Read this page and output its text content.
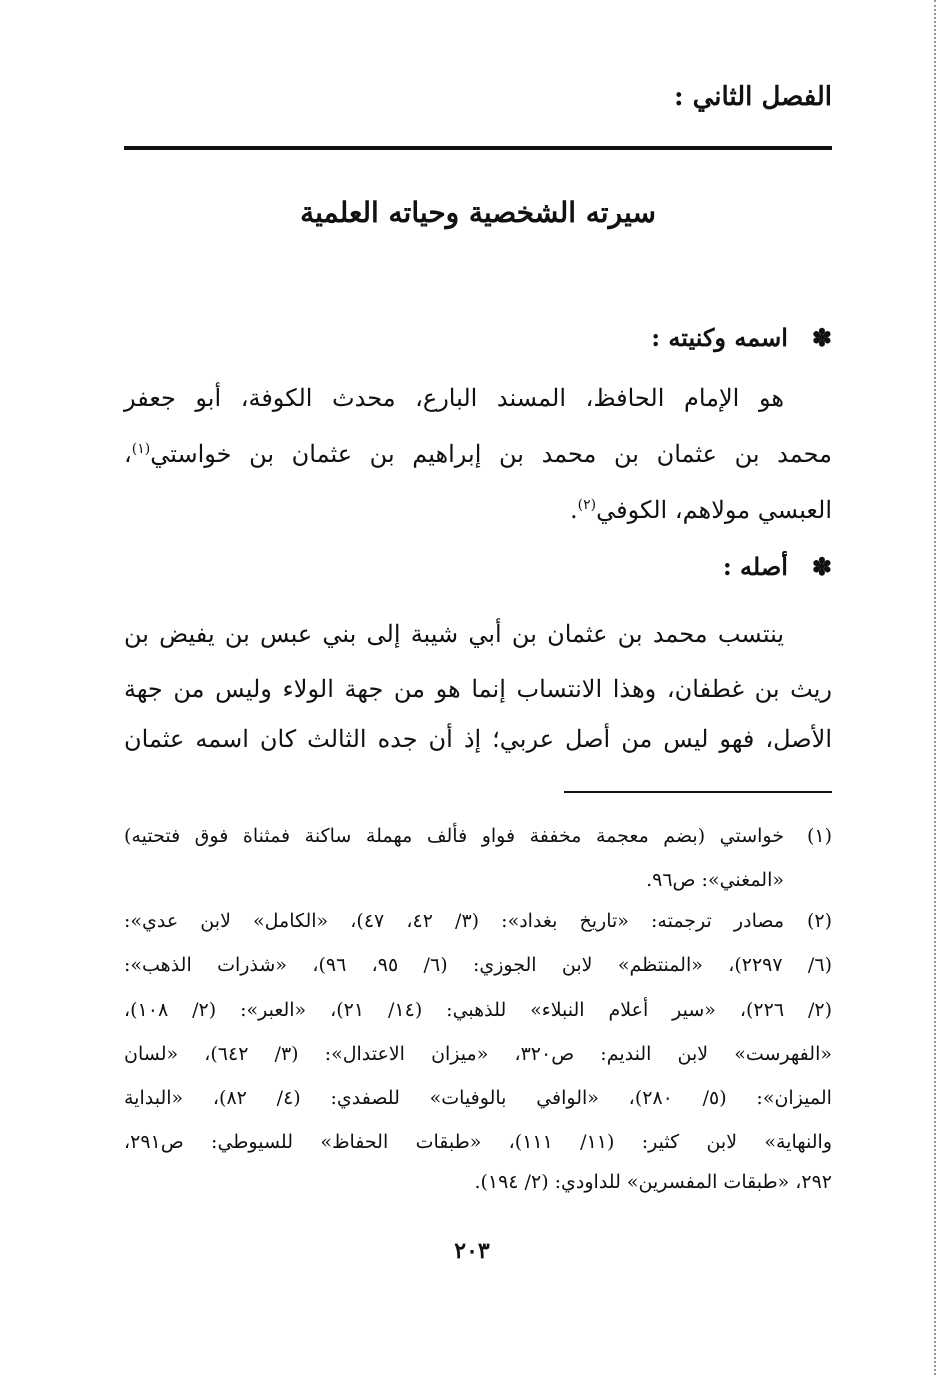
الفصل الثاني :
سيرته الشخصية وحياته العلمية
✽اسمه وكنيته :
هو الإمام الحافظ، المسند البارع، محدث الكوفة، أبو جعفر
محمد بن عثمان بن محمد بن إبراهيم بن عثمان بن خواستي$^{(١)}$،
العبسي مولاهم، الكوفي$^{(٢)}$.
✽أصله :
ينتسب محمد بن عثمان بن أبي شيبة إلى بني عبس بن يفيض بن
ريث بن غطفان، وهذا الانتساب إنما هو من جهة الولاء وليس من جهة
الأصل، فهو ليس من أصل عربي؛ إذ أن جده الثالث كان اسمه عثمان
(١)
خواستي (بضم معجمة مخففة فواو فألف مهملة ساكنة فمثناة فوق فتحتيه)
«المغني»: ص٩٦.
(٢)
مصادر ترجمته: «تاريخ بغداد»: (٣/ ٤٢، ٤٧)، «الكامل» لابن عدي»:
(٦/ ٢٢٩٧)، «المنتظم» لابن الجوزي: (٦/ ٩٥، ٩٦)، «شذرات الذهب»:
(٢/ ٢٢٦)، «سير أعلام النبلاء» للذهبي: (١٤/ ٢١)، «العبر»: (٢/ ١٠٨)،
«الفهرست» لابن النديم: ص٣٢٠، «ميزان الاعتدال»: (٣/ ٦٤٢)، «لسان
الميزان»: (٥/ ٢٨٠)، «الوافي بالوفيات» للصفدي: (٤/ ٨٢)، «البداية
والنهاية» لابن كثير: (١١/ ١١١)، «طبقات الحفاظ» للسيوطي: ص٢٩١،
٢٩٢، «طبقات المفسرين» للداودي: (٢/ ١٩٤).
٢٠٣
